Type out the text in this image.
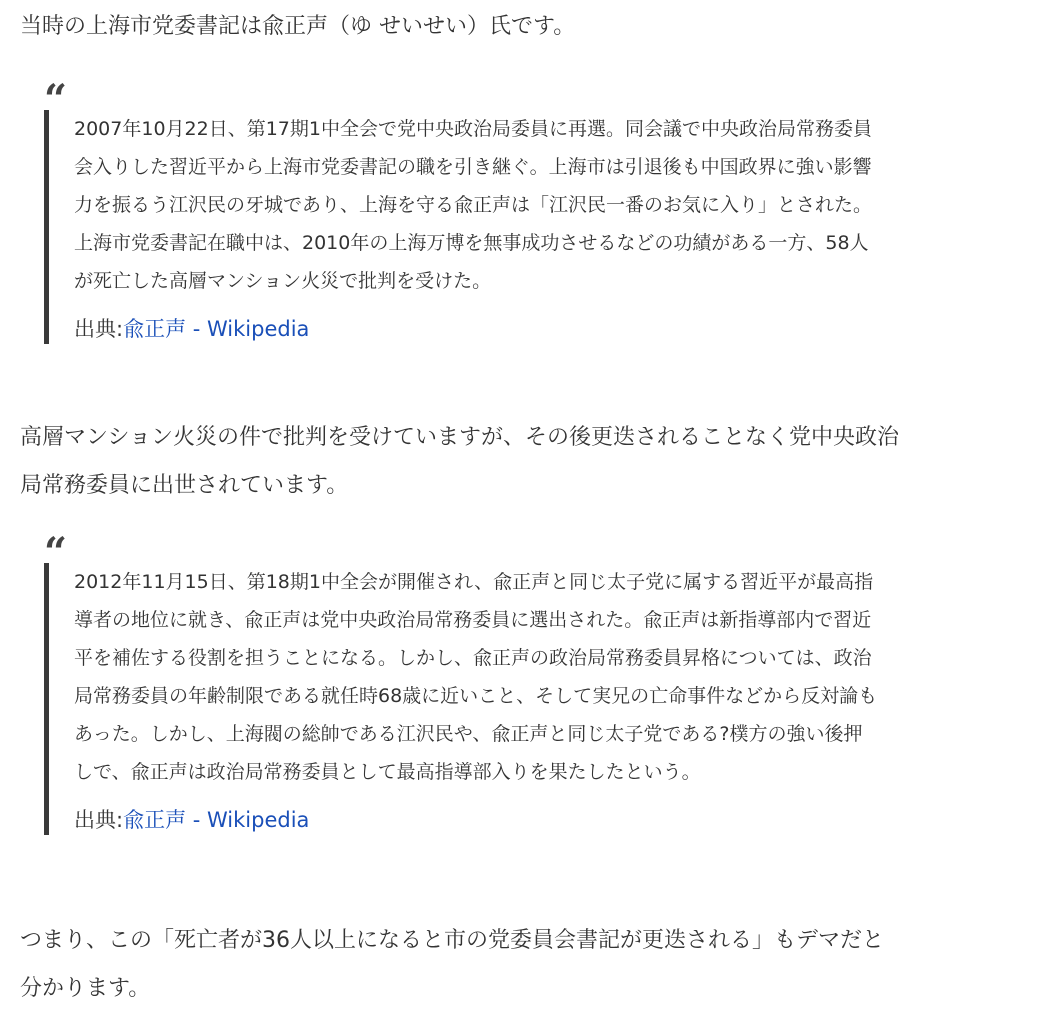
当時の上海市党委書記は兪正声（ゆ せいせい）氏です。

“

2007年10月22日、第17期1中全会で党中央政治局委員に再選。同会議で中央政治局常務委員

会入りした習近平から上海市党委書記の職を引き継ぐ。上海市は引退後も中国政界に強い影響

力を振るう江沢民の牙城であり、上海を守る兪正声は「江沢民一番のお気に入り」とされた。

上海市党委書記在職中は、2010年の上海万博を無事成功させるなどの功績がある一方、58人

が死亡した高層マンション火災で批判を受けた。

出典:兪正声 - Wikipedia

高層マンション火災の件で批判を受けていますが、その後更迭されることなく党中央政治
局常務委員に出世されています。

“

2012年11月15日、第18期1中全会が開催され、兪正声と同じ太子党に属する習近平が最高指

導者の地位に就き、兪正声は党中央政治局常務委員に選出された。兪正声は新指導部内で習近

平を補佐する役割を担うことになる。しかし、兪正声の政治局常務委員昇格については、政治

局常務委員の年齢制限である就任時68歳に近いこと、そして実兄の亡命事件などから反対論も

あった。しかし、上海閥の総帥である江沢民や、兪正声と同じ太子党である?樸方の強い後押

しで、兪正声は政治局常務委員として最高指導部入りを果たしたという。

出典:兪正声 - Wikipedia

つまり、この「死亡者が36人以上になると市の党委員会書記が更迭される」もデマだと
分かります。
